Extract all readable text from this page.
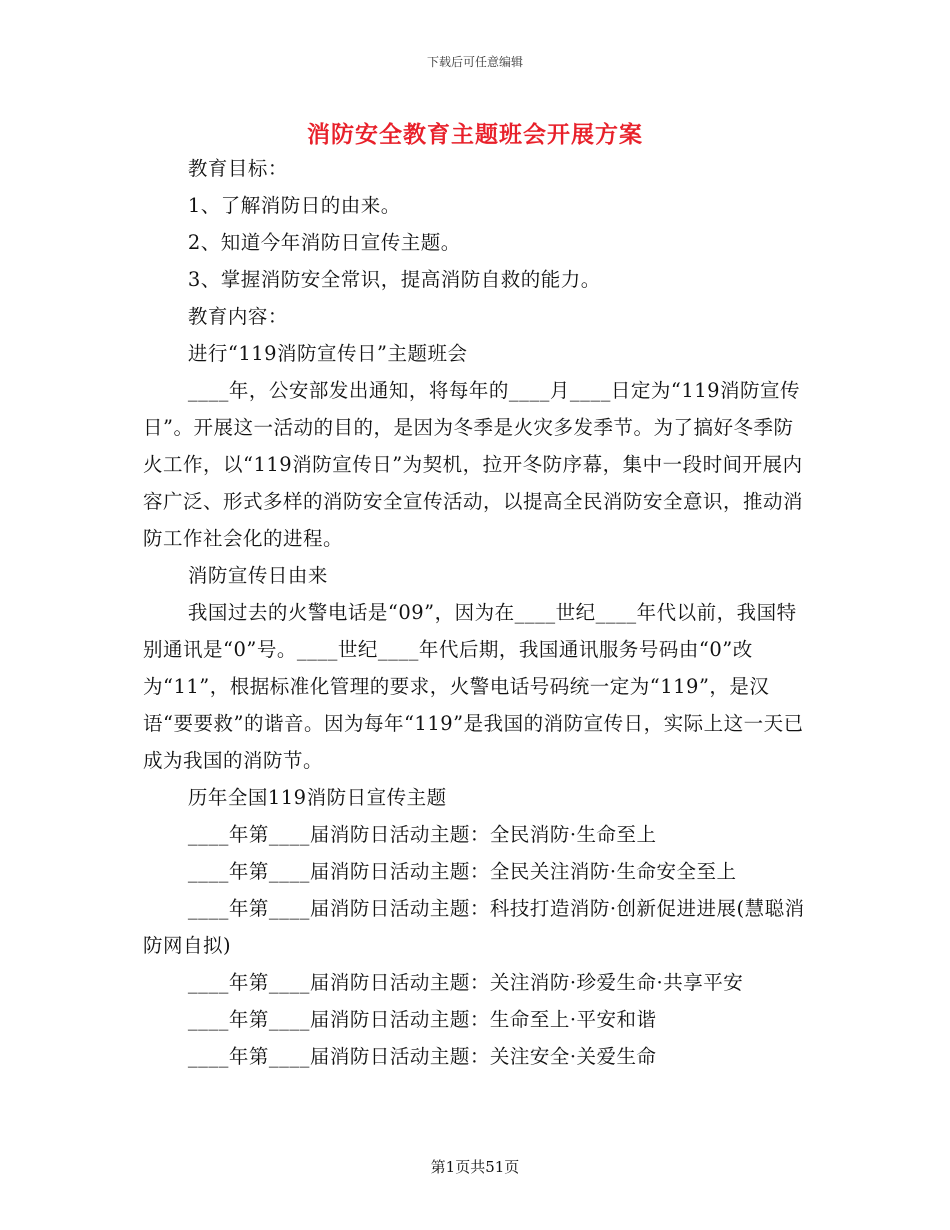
下载后可任意编辑
消防安全教育主题班会开展方案

教育目标：

1、了解消防日的由来。

2、知道今年消防日宣传主题。

3、掌握消防安全常识，提高消防自救的能力。

教育内容：

进行“119消防宣传日”主题班会

____年，公安部发出通知，将每年的____月____日定为“119消防宣传日”。开展这一活动的目的，是因为冬季是火灾多发季节。为了搞好冬季防火工作，以“119消防宣传日”为契机，拉开冬防序幕，集中一段时间开展内容广泛、形式多样的消防安全宣传活动，以提高全民消防安全意识，推动消防工作社会化的进程。

消防宣传日由来

我国过去的火警电话是“09”，因为在____世纪____年代以前，我国特别通讯是“0”号。____世纪____年代后期，我国通讯服务号码由“0”改为“11”，根据标准化管理的要求，火警电话号码统一定为“119”，是汉语“要要救”的谐音。因为每年“119”是我国的消防宣传日，实际上这一天已成为我国的消防节。

历年全国119消防日宣传主题

____年第____届消防日活动主题：全民消防·生命至上

____年第____届消防日活动主题：全民关注消防·生命安全至上

____年第____届消防日活动主题：科技打造消防·创新促进进展(慧聪消防网自拟)

____年第____届消防日活动主题：关注消防·珍爱生命·共享平安

____年第____届消防日活动主题：生命至上·平安和谐

____年第____届消防日活动主题：关注安全·关爱生命

第1页共51页
